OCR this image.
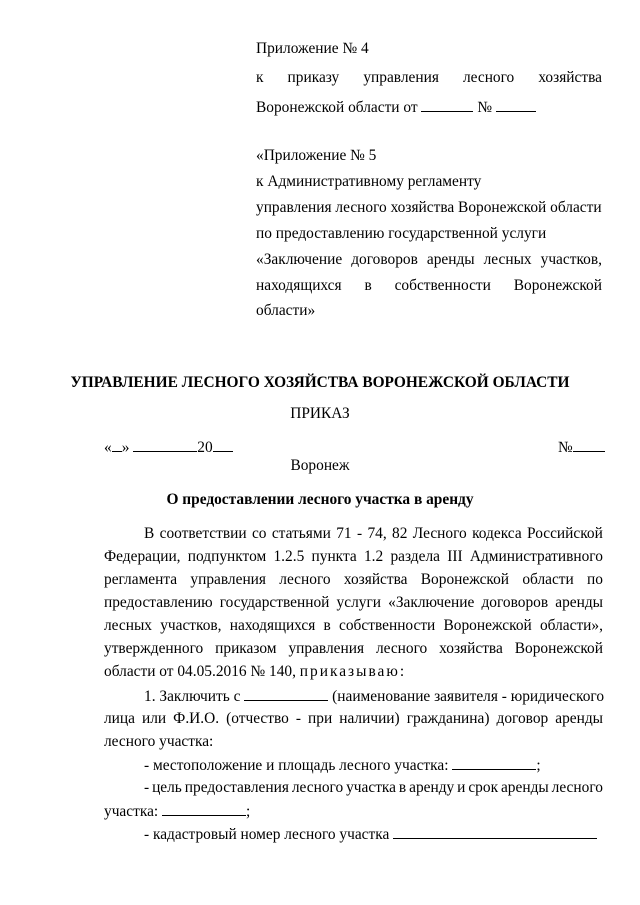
Приложение № 4
к приказу управления лесного хозяйства
Воронежской области от	№
«Приложение № 5
к Административному регламенту
управления лесного хозяйства Воронежской области
по предоставлению государственной услуги
«Заключение договоров аренды лесных участков,
находящихся в собственности Воронежской
области»
УПРАВЛЕНИЕ ЛЕСНОГО ХОЗЯЙСТВА ВОРОНЕЖСКОЙ ОБЛАСТИ
ПРИКАЗ
« »	20	№
Воронеж
О предоставлении лесного участка в аренду
В соответствии со статьями 71 - 74, 82 Лесного кодекса Российской
Федерации, подпунктом 1.2.5 пункта 1.2 раздела III Административного
регламента управления лесного хозяйства Воронежской области по
предоставлению государственной услуги «Заключение договоров аренды
лесных участков, находящихся в собственности Воронежской области»,
утвержденного приказом управления лесного хозяйства Воронежской
области от 04.05.2016 № 140, приказываю:
1. Заключить с	(наименование заявителя - юридического
лица или Ф.И.О. (отчество - при наличии) гражданина) договор аренды
лесного участка:
- местоположение и площадь лесного участка:	;
- цель предоставления лесного участка в аренду и срок аренды лесного
участка:	;
- кадастровый номер лесного участка
